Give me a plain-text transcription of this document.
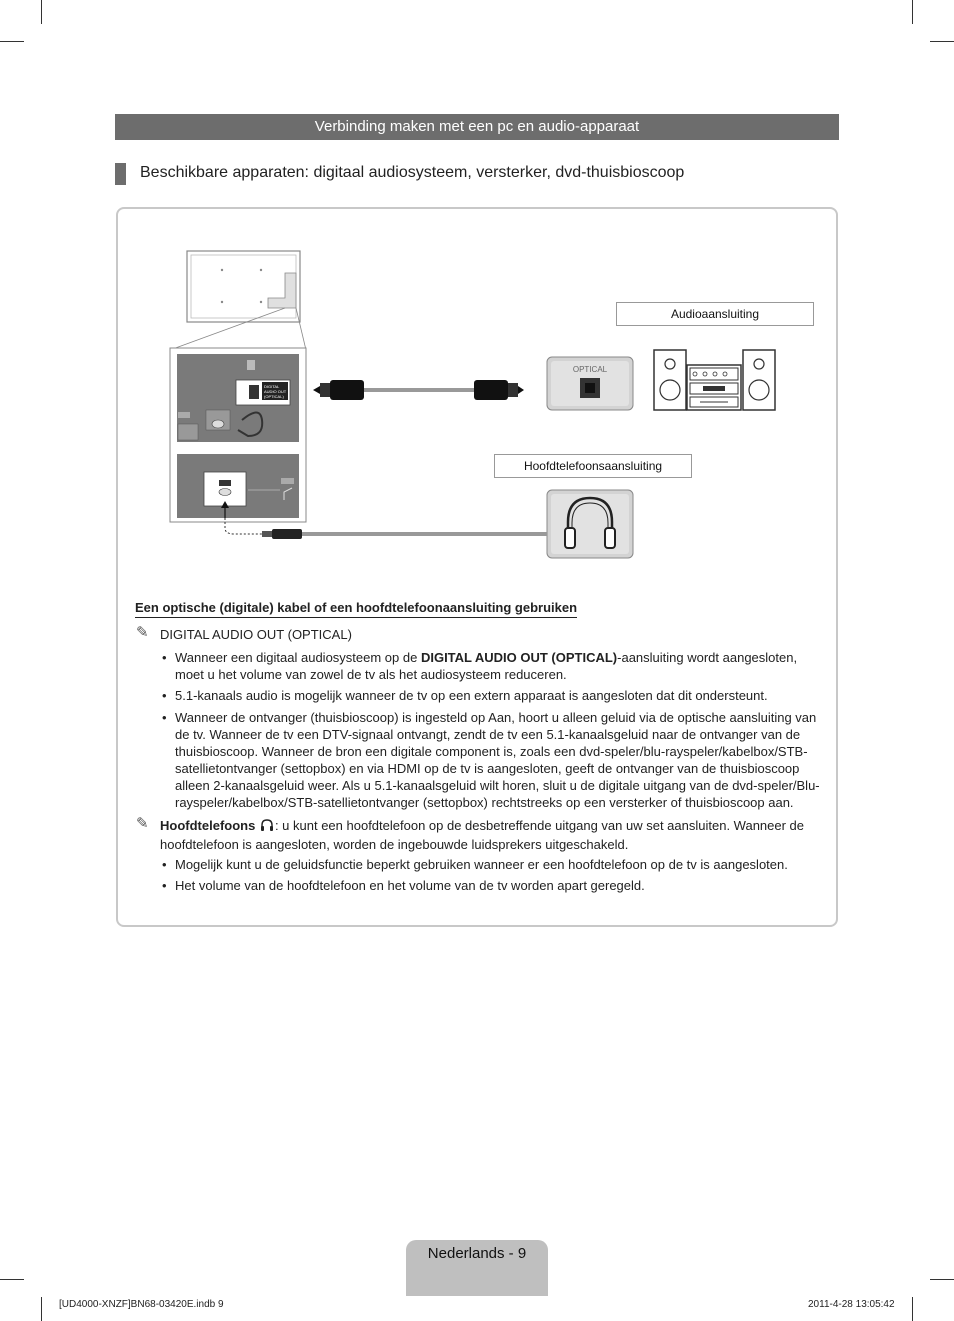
Verbinding maken met een pc en audio-apparaat
Beschikbare apparaten: digitaal audiosysteem, versterker, dvd-thuisbioscoop
DIGITAL
AUDIO OUT
(OPTICAL)
Audioaansluiting
Hoofdtelefoonsaansluiting
OPTICAL
Een optische (digitale) kabel of een hoofdtelefoonaansluiting gebruiken
✎ DIGITAL AUDIO OUT (OPTICAL)
• Wanneer een digitaal audiosysteem op de DIGITAL AUDIO OUT (OPTICAL)-aansluiting wordt aangesloten, moet u het volume van zowel de tv als het audiosysteem reduceren.
• 5.1-kanaals audio is mogelijk wanneer de tv op een extern apparaat is aangesloten dat dit ondersteunt.
• Wanneer de ontvanger (thuisbioscoop) is ingesteld op Aan, hoort u alleen geluid via de optische aansluiting van de tv. Wanneer de tv een DTV-signaal ontvangt, zendt de tv een 5.1-kanaalsgeluid naar de ontvanger van de thuisbioscoop. Wanneer de bron een digitale component is, zoals een dvd-speler/blu-rayspeler/kabelbox/STB-satellietontvanger (settopbox) en via HDMI op de tv is aangesloten, geeft de ontvanger van de thuisbioscoop alleen 2-kanaalsgeluid weer. Als u 5.1-kanaalsgeluid wilt horen, sluit u de digitale uitgang van de dvd-speler/Blu-rayspeler/kabelbox/STB-satellietontvanger (settopbox) rechtstreeks op een versterker of thuisbioscoop aan.
✎ Hoofdtelefoons : u kunt een hoofdtelefoon op de desbetreffende uitgang van uw set aansluiten. Wanneer de hoofdtelefoon is aangesloten, worden de ingebouwde luidsprekers uitgeschakeld.
• Mogelijk kunt u de geluidsfunctie beperkt gebruiken wanneer er een hoofdtelefoon op de tv is aangesloten.
• Het volume van de hoofdtelefoon en het volume van de tv worden apart geregeld.
Nederlands - 9
[UD4000-XNZF]BN68-03420E.indb 9	2011-4-28 13:05:42
